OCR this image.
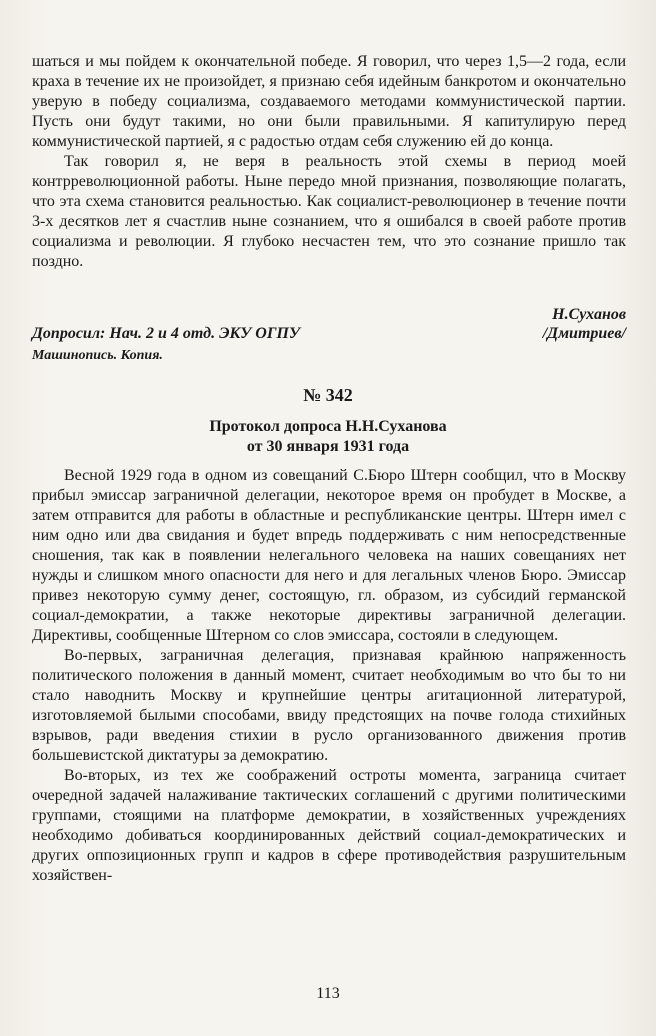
шаться и мы пойдем к окончательной победе. Я говорил, что через 1,5—2 года, если краха в течение их не произойдет, я признаю себя идейным банкротом и окончательно уверую в победу социализма, создаваемого методами коммунистической партии. Пусть они будут такими, но они были правильными. Я капитулирую перед коммунистической партией, я с радостью отдам себя служению ей до конца.

Так говорил я, не веря в реальность этой схемы в период моей контрреволюционной работы. Ныне передо мной признания, позволяющие полагать, что эта схема становится реальностью. Как социалист-революционер в течение почти 3-х десятков лет я счастлив ныне сознанием, что я ошибался в своей работе против социализма и революции. Я глубоко несчастен тем, что это сознание пришло так поздно.

Н.Суханов
Допросил: Нач. 2 и 4 отд. ЭКУ ОГПУ	/Дмитриев/
Машинопись. Копия.
№ 342
Протокол допроса Н.Н.Суханова
от 30 января 1931 года

Весной 1929 года в одном из совещаний С.Бюро Штерн сообщил, что в Москву прибыл эмиссар заграничной делегации, некоторое время он пробудет в Москве, а затем отправится для работы в областные и республиканские центры. Штерн имел с ним одно или два свидания и будет впредь поддерживать с ним непосредственные сношения, так как в появлении нелегального человека на наших совещаниях нет нужды и слишком много опасности для него и для легальных членов Бюро. Эмиссар привез некоторую сумму денег, состоящую, гл. образом, из субсидий германской социал-демократии, а также некоторые директивы заграничной делегации. Директивы, сообщенные Штерном со слов эмиссара, состояли в следующем.

Во-первых, заграничная делегация, признавая крайнюю напряженность политического положения в данный момент, считает необходимым во что бы то ни стало наводнить Москву и крупнейшие центры агитационной литературой, изготовляемой былыми способами, ввиду предстоящих на почве голода стихийных взрывов, ради введения стихии в русло организованного движения против большевистской диктатуры за демократию.

Во-вторых, из тех же соображений остроты момента, заграница считает очередной задачей налаживание тактических соглашений с другими политическими группами, стоящими на платформе демократии, в хозяйственных учреждениях необходимо добиваться координированных действий социал-демократических и других оппозиционных групп и кадров в сфере противодействия разрушительным хозяйствен-

113
